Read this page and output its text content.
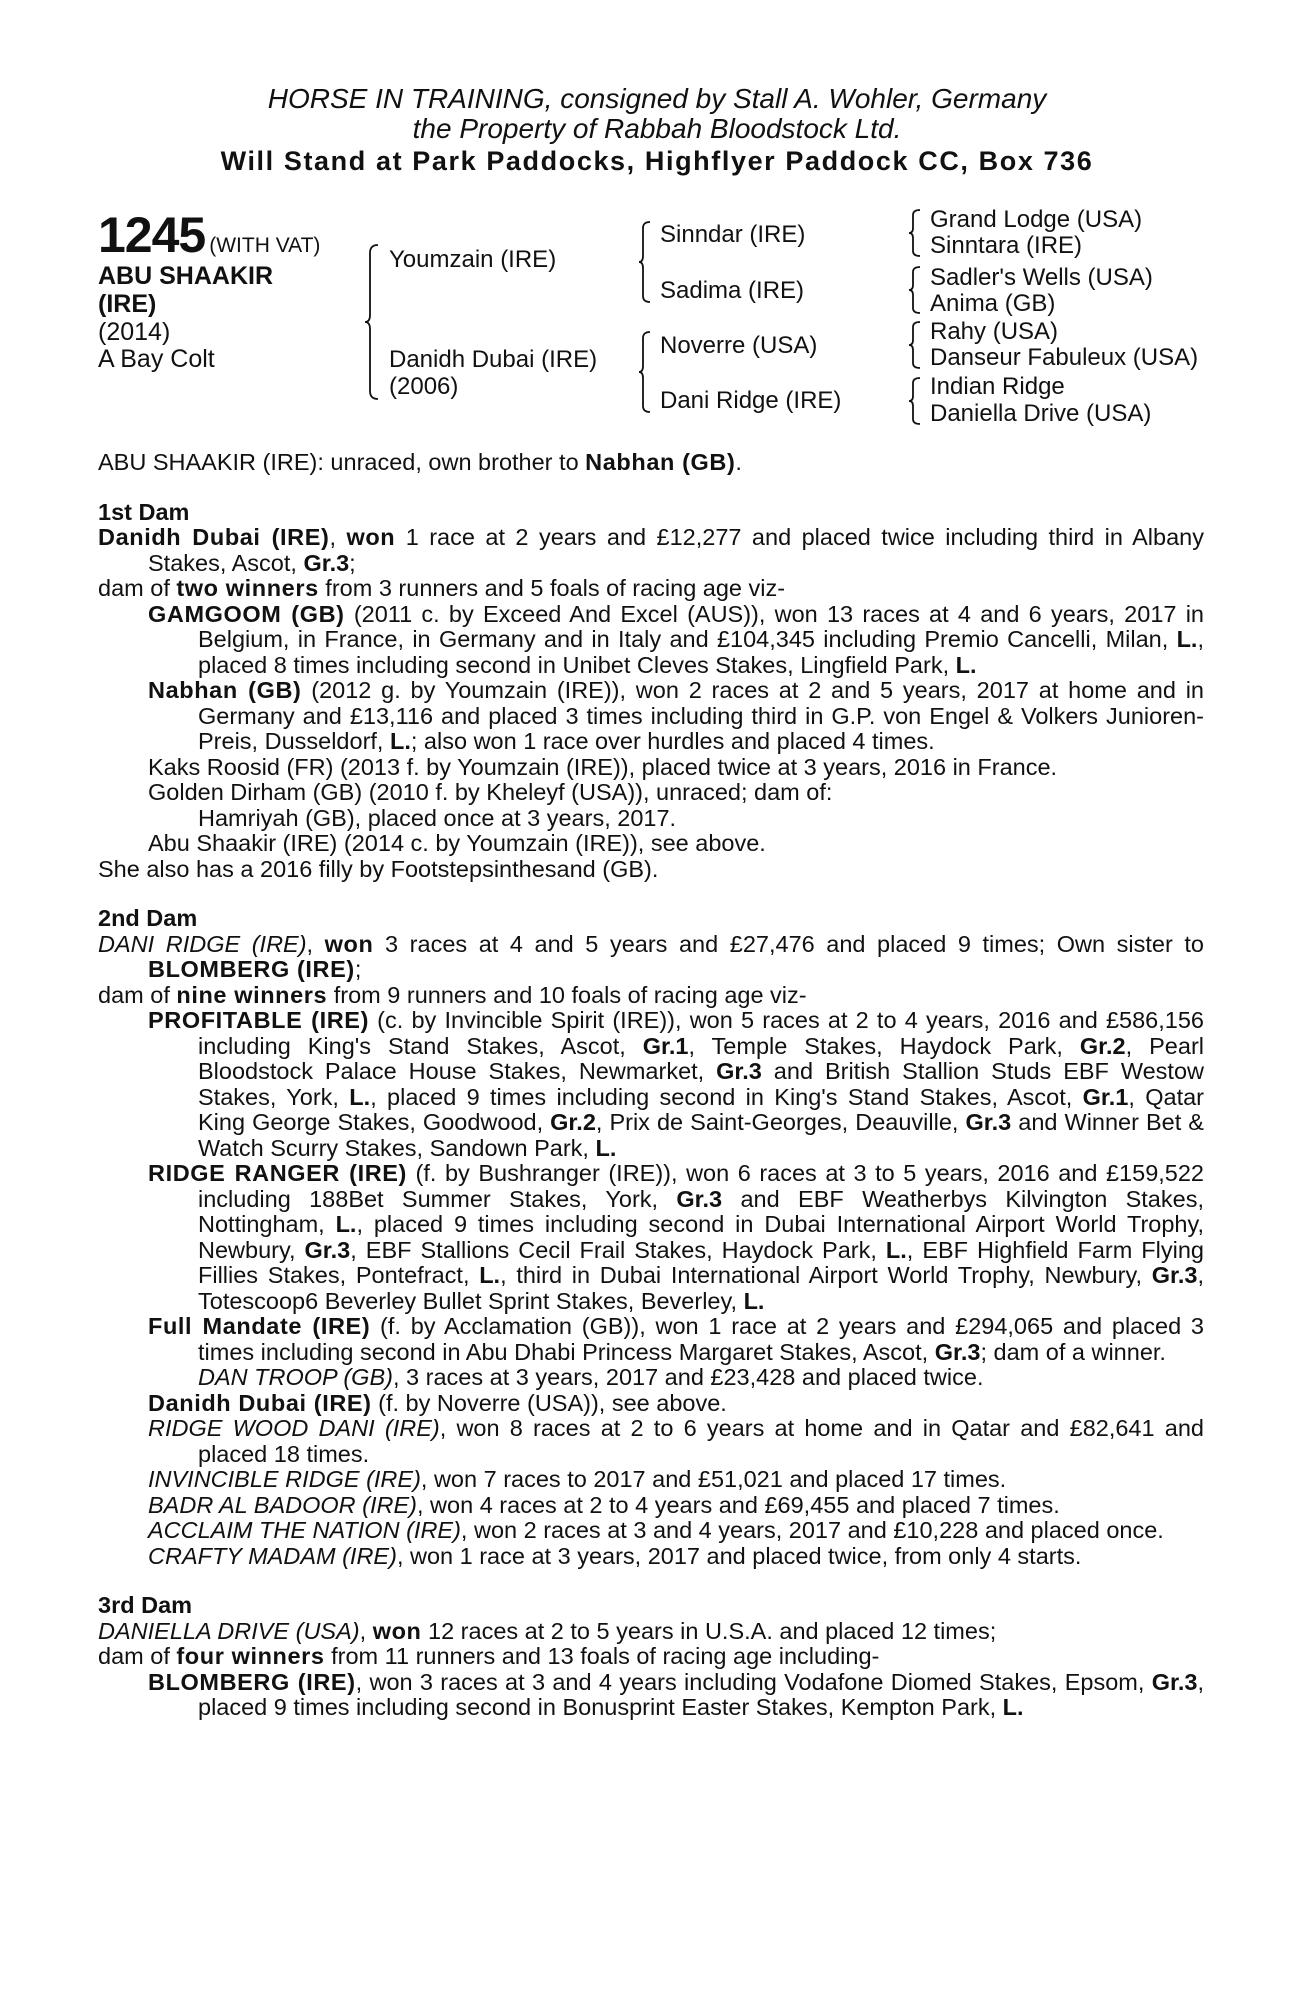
HORSE IN TRAINING, consigned by Stall A. Wohler, Germany
the Property of Rabbah Bloodstock Ltd.
Will Stand at Park Paddocks, Highflyer Paddock CC, Box 736
1245 (WITH VAT)
ABU SHAAKIR (IRE)
(2014)
A Bay Colt
Youmzain (IRE)
Danidh Dubai (IRE)
(2006)
Sinndar (IRE)
Sadima (IRE)
Noverre (USA)
Dani Ridge (IRE)
Grand Lodge (USA)
Sinntara (IRE)
Sadler's Wells (USA)
Anima (GB)
Rahy (USA)
Danseur Fabuleux (USA)
Indian Ridge
Daniella Drive (USA)

ABU SHAAKIR (IRE): unraced, own brother to Nabhan (GB).

1st Dam

Danidh Dubai (IRE), won 1 race at 2 years and £12,277 and placed twice including third in Albany Stakes, Ascot, Gr.3;

dam of two winners from 3 runners and 5 foals of racing age viz-

GAMGOOM (GB) (2011 c. by Exceed And Excel (AUS)), won 13 races at 4 and 6 years, 2017 in Belgium, in France, in Germany and in Italy and £104,345 including Premio Cancelli, Milan, L., placed 8 times including second in Unibet Cleves Stakes, Lingfield Park, L.

Nabhan (GB) (2012 g. by Youmzain (IRE)), won 2 races at 2 and 5 years, 2017 at home and in Germany and £13,116 and placed 3 times including third in G.P. von Engel & Volkers Junioren-Preis, Dusseldorf, L.; also won 1 race over hurdles and placed 4 times.

Kaks Roosid (FR) (2013 f. by Youmzain (IRE)), placed twice at 3 years, 2016 in France.

Golden Dirham (GB) (2010 f. by Kheleyf (USA)), unraced; dam of:

Hamriyah (GB), placed once at 3 years, 2017.

Abu Shaakir (IRE) (2014 c. by Youmzain (IRE)), see above.

She also has a 2016 filly by Footstepsinthesand (GB).

2nd Dam

DANI RIDGE (IRE), won 3 races at 4 and 5 years and £27,476 and placed 9 times; Own sister to BLOMBERG (IRE);

dam of nine winners from 9 runners and 10 foals of racing age viz-

PROFITABLE (IRE) (c. by Invincible Spirit (IRE)), won 5 races at 2 to 4 years, 2016 and £586,156 including King's Stand Stakes, Ascot, Gr.1, Temple Stakes, Haydock Park, Gr.2, Pearl Bloodstock Palace House Stakes, Newmarket, Gr.3 and British Stallion Studs EBF Westow Stakes, York, L., placed 9 times including second in King's Stand Stakes, Ascot, Gr.1, Qatar King George Stakes, Goodwood, Gr.2, Prix de Saint-Georges, Deauville, Gr.3 and Winner Bet & Watch Scurry Stakes, Sandown Park, L.

RIDGE RANGER (IRE) (f. by Bushranger (IRE)), won 6 races at 3 to 5 years, 2016 and £159,522 including 188Bet Summer Stakes, York, Gr.3 and EBF Weatherbys Kilvington Stakes, Nottingham, L., placed 9 times including second in Dubai International Airport World Trophy, Newbury, Gr.3, EBF Stallions Cecil Frail Stakes, Haydock Park, L., EBF Highfield Farm Flying Fillies Stakes, Pontefract, L., third in Dubai International Airport World Trophy, Newbury, Gr.3, Totescoop6 Beverley Bullet Sprint Stakes, Beverley, L.

Full Mandate (IRE) (f. by Acclamation (GB)), won 1 race at 2 years and £294,065 and placed 3 times including second in Abu Dhabi Princess Margaret Stakes, Ascot, Gr.3; dam of a winner.

DAN TROOP (GB), 3 races at 3 years, 2017 and £23,428 and placed twice.

Danidh Dubai (IRE) (f. by Noverre (USA)), see above.

RIDGE WOOD DANI (IRE), won 8 races at 2 to 6 years at home and in Qatar and £82,641 and placed 18 times.

INVINCIBLE RIDGE (IRE), won 7 races to 2017 and £51,021 and placed 17 times.

BADR AL BADOOR (IRE), won 4 races at 2 to 4 years and £69,455 and placed 7 times.

ACCLAIM THE NATION (IRE), won 2 races at 3 and 4 years, 2017 and £10,228 and placed once.

CRAFTY MADAM (IRE), won 1 race at 3 years, 2017 and placed twice, from only 4 starts.

3rd Dam

DANIELLA DRIVE (USA), won 12 races at 2 to 5 years in U.S.A. and placed 12 times;

dam of four winners from 11 runners and 13 foals of racing age including-

BLOMBERG (IRE), won 3 races at 3 and 4 years including Vodafone Diomed Stakes, Epsom, Gr.3, placed 9 times including second in Bonusprint Easter Stakes, Kempton Park, L.
